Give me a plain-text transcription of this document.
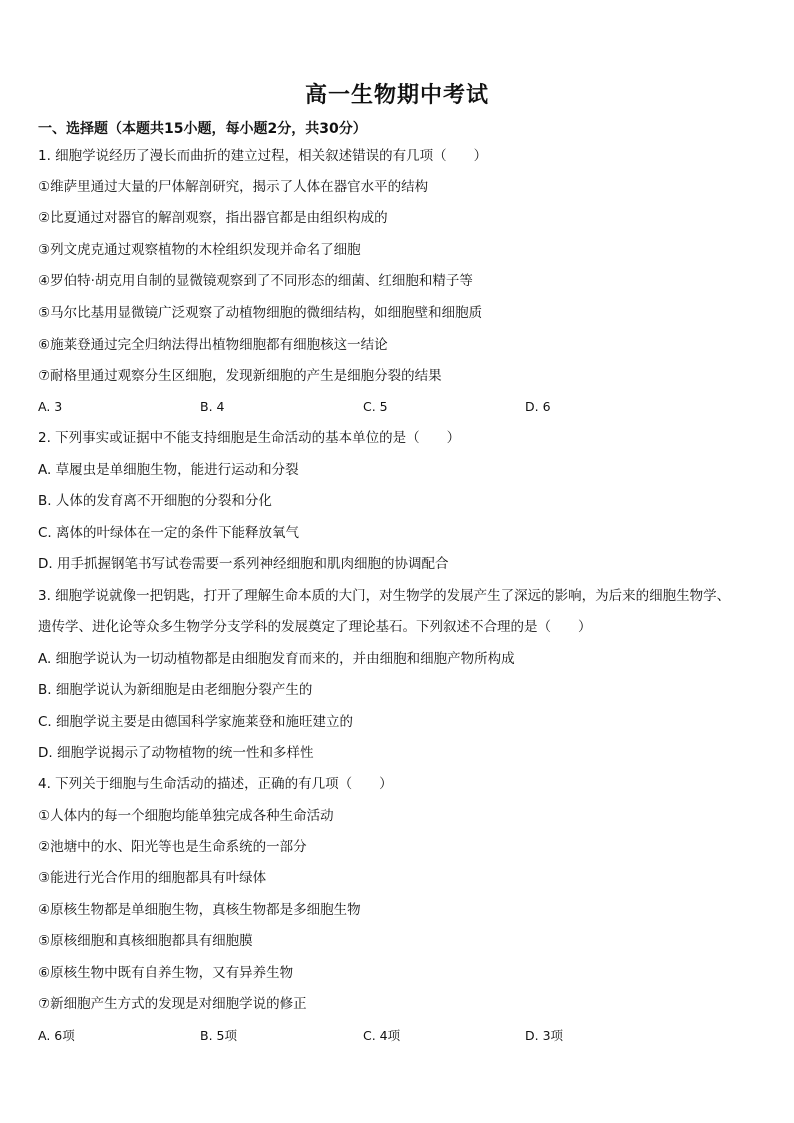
高一生物期中考试
一、选择题（本题共15小题，每小题2分，共30分）
1. 细胞学说经历了漫长而曲折的建立过程，相关叙述错误的有几项（　　）
①维萨里通过大量的尸体解剖研究，揭示了人体在器官水平的结构
②比夏通过对器官的解剖观察，指出器官都是由组织构成的
③列文虎克通过观察植物的木栓组织发现并命名了细胞
④罗伯特·胡克用自制的显微镜观察到了不同形态的细菌、红细胞和精子等
⑤马尔比基用显微镜广泛观察了动植物细胞的微细结构，如细胞壁和细胞质
⑥施莱登通过完全归纳法得出植物细胞都有细胞核这一结论
⑦耐格里通过观察分生区细胞，发现新细胞的产生是细胞分裂的结果
A. 3	B. 4	C. 5	D. 6
2. 下列事实或证据中不能支持细胞是生命活动的基本单位的是（　　）
A. 草履虫是单细胞生物，能进行运动和分裂
B. 人体的发育离不开细胞的分裂和分化
C. 离体的叶绿体在一定的条件下能释放氧气
D. 用手抓握钢笔书写试卷需要一系列神经细胞和肌肉细胞的协调配合
3. 细胞学说就像一把钥匙，打开了理解生命本质的大门，对生物学的发展产生了深远的影响，为后来的细胞生物学、
遗传学、进化论等众多生物学分支学科的发展奠定了理论基石。下列叙述不合理的是（　　）
A. 细胞学说认为一切动植物都是由细胞发育而来的，并由细胞和细胞产物所构成
B. 细胞学说认为新细胞是由老细胞分裂产生的
C. 细胞学说主要是由德国科学家施莱登和施旺建立的
D. 细胞学说揭示了动物植物的统一性和多样性
4. 下列关于细胞与生命活动的描述，正确的有几项（　　）
①人体内的每一个细胞均能单独完成各种生命活动
②池塘中的水、阳光等也是生命系统的一部分
③能进行光合作用的细胞都具有叶绿体
④原核生物都是单细胞生物，真核生物都是多细胞生物
⑤原核细胞和真核细胞都具有细胞膜
⑥原核生物中既有自养生物，又有异养生物
⑦新细胞产生方式的发现是对细胞学说的修正
A. 6项	B. 5项	C. 4项	D. 3项
